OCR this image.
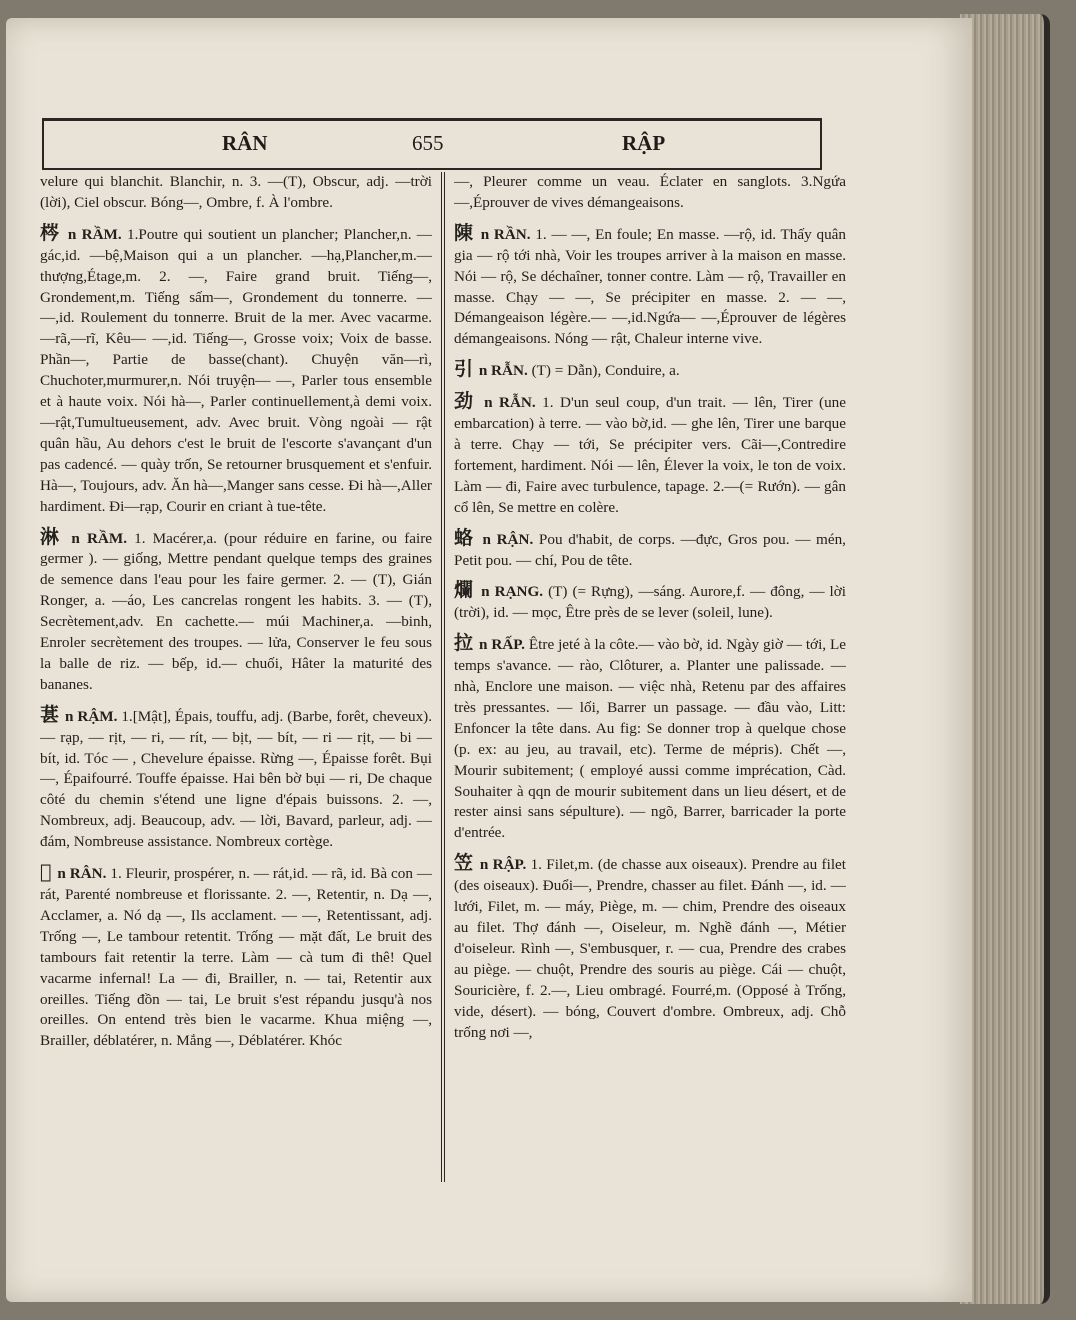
RÂN	655	RẬP
velure qui blanchit. Blanchir, n. 3. —(T), Obscur, adj. —trời (lời), Ciel obscur. Bóng—, Ombre, f. À l'ombre.
梣 n RẦM. 1.Poutre qui soutient un plancher; Plancher,n. —gác,id. —bệ,Maison qui a un plancher. —hạ,Plancher,m.—thượng,Étage,m. 2. —, Faire grand bruit. Tiếng—, Grondement,m. Tiếng sấm—, Grondement du tonnerre. — —,id. Roulement du tonnerre. Bruit de la mer. Avec vacarme. —rã,—rĩ, Kêu— —,id. Tiếng—, Grosse voix; Voix de basse. Phần—, Partie de basse(chant). Chuyện văn—rì, Chuchoter,murmurer,n. Nói truyện— —, Parler tous ensemble et à haute voix. Nói hà—, Parler continuellement,à demi voix.—rật,Tumultueusement, adv. Avec bruit. Vòng ngoài — rật quân hầu, Au dehors c'est le bruit de l'escorte s'avançant d'un pas cadencé. — quày trốn, Se retourner brusquement et s'enfuir. Hà—, Toujours, adv. Ăn hà—,Manger sans cesse. Đi hà—,Aller hardiment. Đi—rạp, Courir en criant à tue-tête.
淋 n RẦM. 1. Macérer,a. (pour réduire en farine, ou faire germer ). — giống, Mettre pendant quelque temps des graines de semence dans l'eau pour les faire germer. 2. — (T), Gián Ronger, a. —áo, Les cancrelas rongent les habits. 3. — (T), Secrètement,adv. En cachette.— múi Machiner,a. —binh, Enroler secrètement des troupes. — lửa, Conserver le feu sous la balle de riz. — bếp, id.— chuối, Hâter la maturité des bananes.
葚 n RẬM. 1.[Mật], Épais, touffu, adj. (Barbe, forêt, cheveux). — rạp, — rịt, — ri, — rít, — bịt, — bít, — ri — rịt, — bi — bít, id. Tóc — , Chevelure épaisse. Rừng —, Épaisse forêt. Bụi —, Épaifourré. Touffe épaisse. Hai bên bờ bụi — ri, De chaque côté du chemin s'étend une ligne d'épais buissons. 2. —, Nombreux, adj. Beaucoup, adv. — lời, Bavard, parleur, adj. — đám, Nombreuse assistance. Nombreux cortège.
𠻃 n RÂN. 1. Fleurir, prospérer, n. — rát,id. — rã, id. Bà con — rát, Parenté nombreuse et florissante. 2. —, Retentir, n. Dạ —, Acclamer, a. Nó dạ —, Ils acclament. — —, Retentissant, adj. Trống —, Le tambour retentit. Trống — mặt đất, Le bruit des tambours fait retentir la terre. Làm — cà tum đi thê! Quel vacarme infernal! La — đi, Brailler, n. — tai, Retentir aux oreilles. Tiếng đồn — tai, Le bruit s'est répandu jusqu'à nos oreilles. On entend très bien le vacarme. Khua miệng —, Brailler, déblatérer, n. Mắng —, Déblatérer. Khóc
—, Pleurer comme un veau. Éclater en sanglots. 3.Ngứa —,Éprouver de vives démangeaisons.
陳 n RẦN. 1. — —, En foule; En masse. —rộ, id. Thấy quân gia — rộ tới nhà, Voir les troupes arriver à la maison en masse. Nói — rộ, Se déchaîner, tonner contre. Làm — rộ, Travailler en masse. Chạy — —, Se précipiter en masse. 2. — —, Démangeaison légère.— —,id.Ngứa— —,Éprouver de légères démangeaisons. Nóng — rật, Chaleur interne vive.
引 n RẪN. (T) = Dẫn), Conduire, a.
劲 n RẪN. 1. D'un seul coup, d'un trait. — lên, Tirer (une embarcation) à terre. — vào bờ,id. — ghe lên, Tirer une barque à terre. Chạy — tới, Se précipiter vers. Cãi—,Contredire fortement, hardiment. Nói — lên, Élever la voix, le ton de voix. Làm — đi, Faire avec turbulence, tapage. 2.—(= Rướn). — gân cổ lên, Se mettre en colère.
蛒 n RẬN. Pou d'habit, de corps. —đực, Gros pou. — mén, Petit pou. — chí, Pou de tête.
爛 n RẠNG. (T) (= Rựng), —sáng. Aurore,f. — đông, — lời (trời), id. — mọc, Être près de se lever (soleil, lune).
拉 n RẤP. Être jeté à la côte.— vào bờ, id. Ngày giờ — tới, Le temps s'avance. — rào, Clôturer, a. Planter une palissade. — nhà, Enclore une maison. — việc nhà, Retenu par des affaires très pressantes. — lối, Barrer un passage. — đầu vào, Litt: Enfoncer la tête dans. Au fig: Se donner trop à quelque chose (p. ex: au jeu, au travail, etc). Terme de mépris). Chết —, Mourir subitement; ( employé aussi comme imprécation, Càd. Souhaiter à qqn de mourir subitement dans un lieu désert, et de rester ainsi sans sépulture). — ngõ, Barrer, barricader la porte d'entrée.
笠 n RẬP. 1. Filet,m. (de chasse aux oiseaux). Prendre au filet (des oiseaux). Đuổi—, Prendre, chasser au filet. Đánh —, id. — lưới, Filet, m. — máy, Piège, m. — chim, Prendre des oiseaux au filet. Thợ đánh —, Oiseleur, m. Nghề đánh —, Métier d'oiseleur. Rình —, S'embusquer, r. — cua, Prendre des crabes au piège. — chuột, Prendre des souris au piège. Cái — chuột, Souricière, f. 2.—, Lieu ombragé. Fourré,m. (Opposé à Trống, vide, désert). — bóng, Couvert d'ombre. Ombreux, adj. Chỗ trống nơi —,
